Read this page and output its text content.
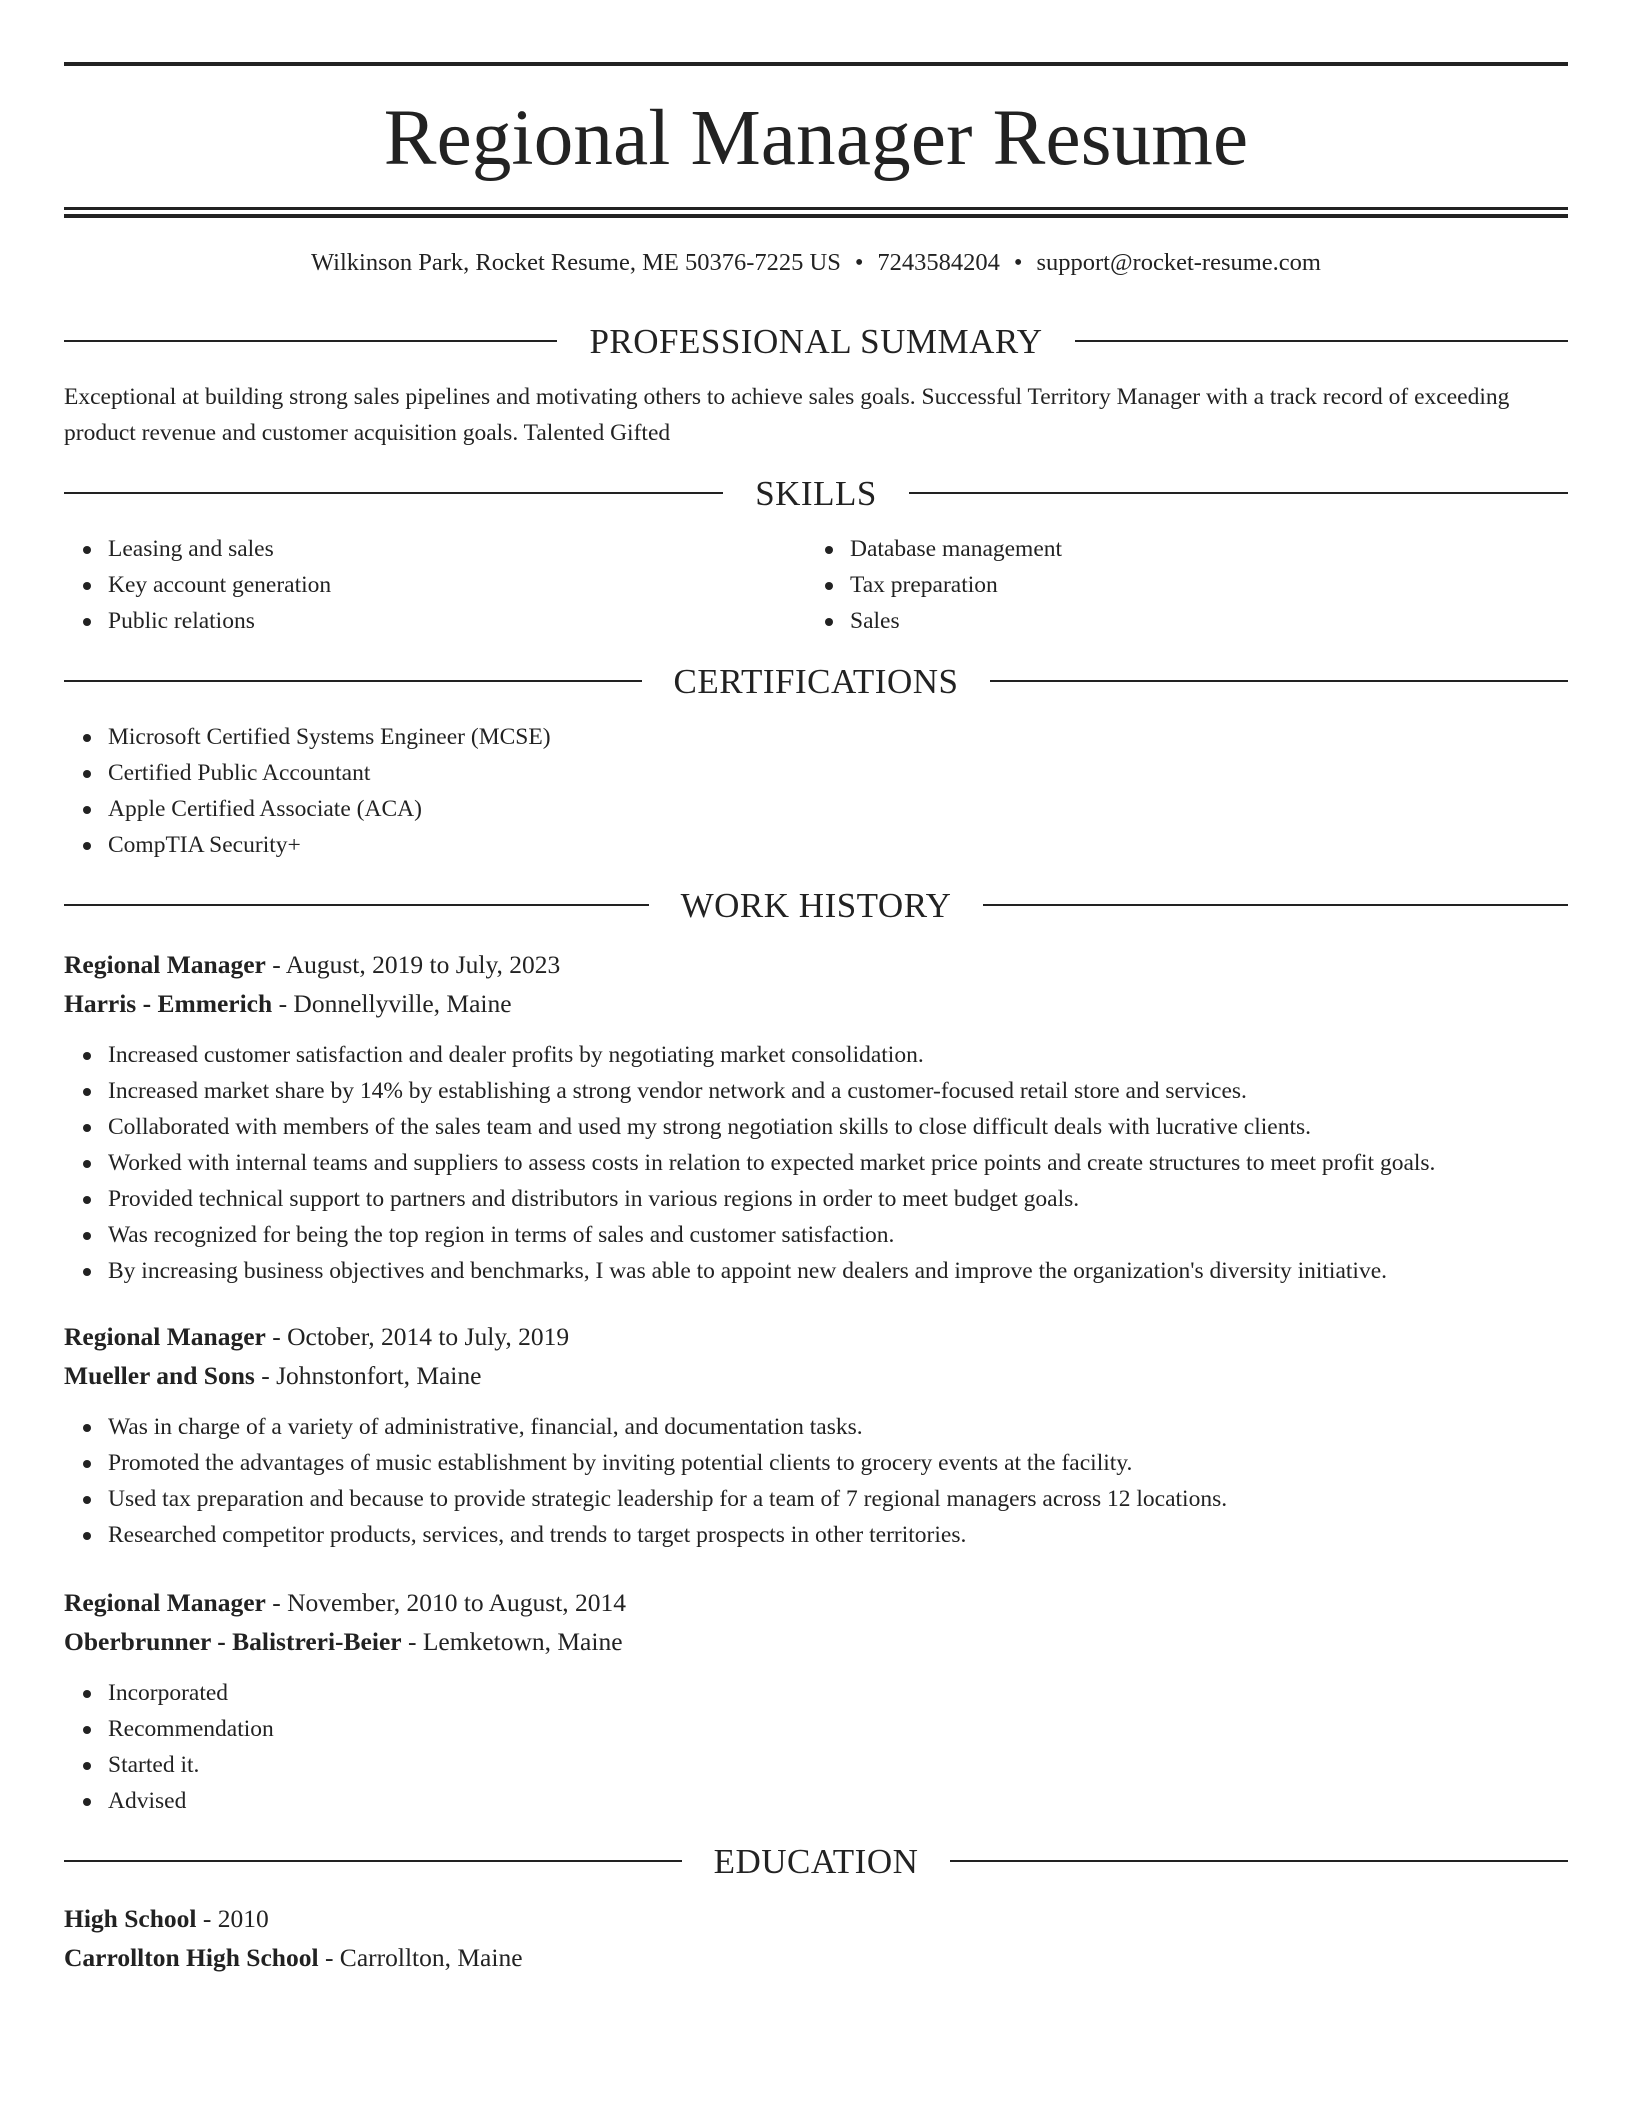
Regional Manager Resume
Wilkinson Park, Rocket Resume, ME 50376-7225 US • 7243584204 • support@rocket-resume.com
PROFESSIONAL SUMMARY

Exceptional at building strong sales pipelines and motivating others to achieve sales goals. Successful Territory Manager with a track record of exceeding product revenue and customer acquisition goals. Talented Gifted

SKILLS
Leasing and sales
Key account generation
Public relations
Database management
Tax preparation
Sales
CERTIFICATIONS
Microsoft Certified Systems Engineer (MCSE)
Certified Public Accountant
Apple Certified Associate (ACA)
CompTIA Security+
WORK HISTORY
Regional Manager - August, 2019 to July, 2023
Harris - Emmerich - Donnellyville, Maine
Increased customer satisfaction and dealer profits by negotiating market consolidation.
Increased market share by 14% by establishing a strong vendor network and a customer-focused retail store and services.
Collaborated with members of the sales team and used my strong negotiation skills to close difficult deals with lucrative clients.
Worked with internal teams and suppliers to assess costs in relation to expected market price points and create structures to meet profit goals.
Provided technical support to partners and distributors in various regions in order to meet budget goals.
Was recognized for being the top region in terms of sales and customer satisfaction.
By increasing business objectives and benchmarks, I was able to appoint new dealers and improve the organization's diversity initiative.
Regional Manager - October, 2014 to July, 2019
Mueller and Sons - Johnstonfort, Maine
Was in charge of a variety of administrative, financial, and documentation tasks.
Promoted the advantages of music establishment by inviting potential clients to grocery events at the facility.
Used tax preparation and because to provide strategic leadership for a team of 7 regional managers across 12 locations.
Researched competitor products, services, and trends to target prospects in other territories.
Regional Manager - November, 2010 to August, 2014
Oberbrunner - Balistreri-Beier - Lemketown, Maine
Incorporated
Recommendation
Started it.
Advised
EDUCATION
High School - 2010
Carrollton High School - Carrollton, Maine
